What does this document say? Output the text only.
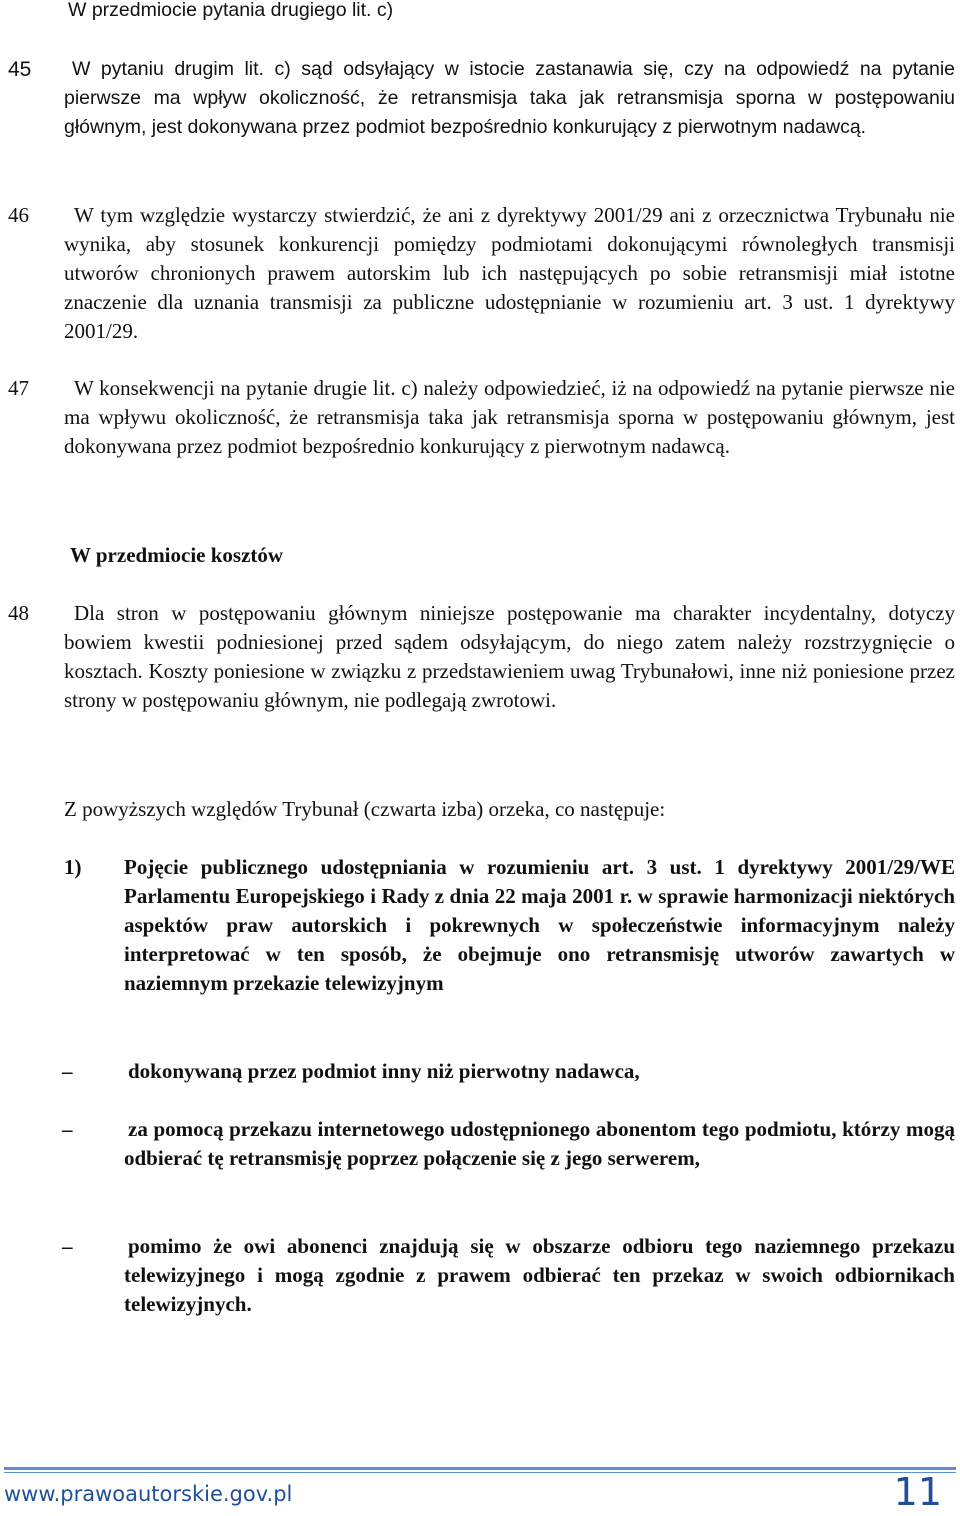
W przedmiocie pytania drugiego lit. c)
45	W pytaniu drugim lit. c) sąd odsyłający w istocie zastanawia się, czy na odpowiedź na pytanie pierwsze ma wpływ okoliczność, że retransmisja taka jak retransmisja sporna w postępowaniu głównym, jest dokonywana przez podmiot bezpośrednio konkurujący z pierwotnym nadawcą.
46	W tym względzie wystarczy stwierdzić, że ani z dyrektywy 2001/29 ani z orzecznictwa Trybunału nie wynika, aby stosunek konkurencji pomiędzy podmiotami dokonującymi równoległych transmisji utworów chronionych prawem autorskim lub ich następujących po sobie retransmisji miał istotne znaczenie dla uznania transmisji za publiczne udostępnianie w rozumieniu art. 3 ust. 1 dyrektywy 2001/29.
47	W konsekwencji na pytanie drugie lit. c) należy odpowiedzieć, iż na odpowiedź na pytanie pierwsze nie ma wpływu okoliczność, że retransmisja taka jak retransmisja sporna w postępowaniu głównym, jest dokonywana przez podmiot bezpośrednio konkurujący z pierwotnym nadawcą.
W przedmiocie kosztów
48	Dla stron w postępowaniu głównym niniejsze postępowanie ma charakter incydentalny, dotyczy bowiem kwestii podniesionej przed sądem odsyłającym, do niego zatem należy rozstrzygnięcie o kosztach. Koszty poniesione w związku z przedstawieniem uwag Trybunałowi, inne niż poniesione przez strony w postępowaniu głównym, nie podlegają zwrotowi.
Z powyższych względów Trybunał (czwarta izba) orzeka, co następuje:
1) Pojęcie publicznego udostępniania w rozumieniu art. 3 ust. 1 dyrektywy 2001/29/WE Parlamentu Europejskiego i Rady z dnia 22 maja 2001 r. w sprawie harmonizacji niektórych aspektów praw autorskich i pokrewnych w społeczeństwie informacyjnym należy interpretować w ten sposób, że obejmuje ono retransmisję utworów zawartych w naziemnym przekazie telewizyjnym
–	dokonywaną przez podmiot inny niż pierwotny nadawca,
–	za pomocą przekazu internetowego udostępnionego abonentom tego podmiotu, którzy mogą odbierać tę retransmisję poprzez połączenie się z jego serwerem,
–	pomimo że owi abonenci znajdują się w obszarze odbioru tego naziemnego przekazu telewizyjnego i mogą zgodnie z prawem odbierać ten przekaz w swoich odbiornikach telewizyjnych.
www.prawoautorskie.gov.pl	11
